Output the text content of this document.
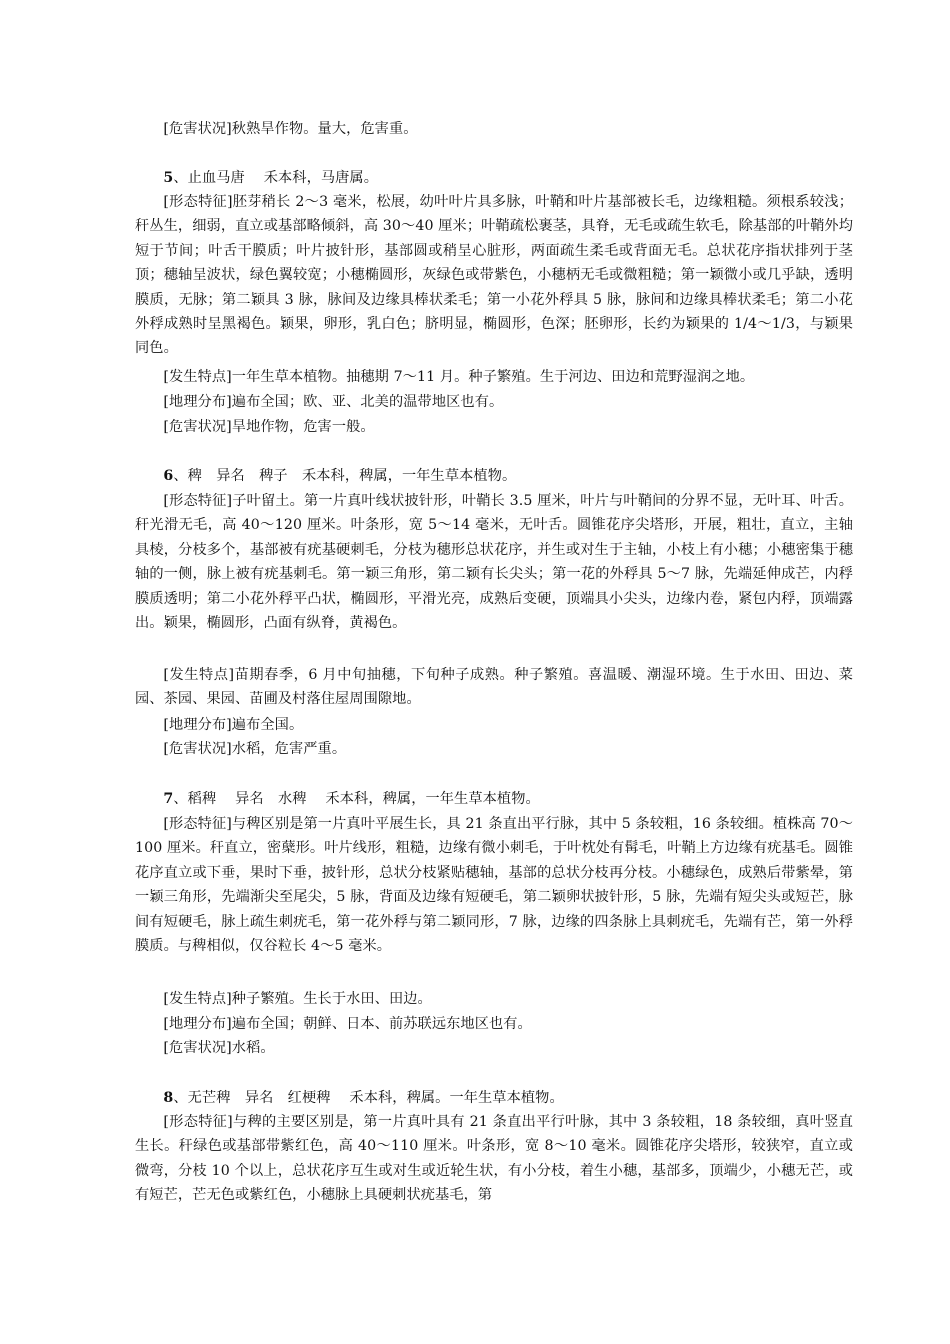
[危害状况]秋熟旱作物。量大，危害重。

5、止血马唐　 禾本科，马唐属。

[形态特征]胚芽稍长 2～3 毫米，松展，幼叶叶片具多脉，叶鞘和叶片基部被长毛，边缘粗糙。须根系较浅；秆丛生，细弱，直立或基部略倾斜，高 30～40 厘米；叶鞘疏松裹茎，具脊，无毛或疏生软毛，除基部的叶鞘外均短于节间；叶舌干膜质；叶片披针形，基部圆或稍呈心脏形，两面疏生柔毛或背面无毛。总状花序指状排列于茎顶；穗轴呈波状，绿色翼较宽；小穗椭圆形，灰绿色或带紫色，小穗柄无毛或微粗糙；第一颖微小或几乎缺，透明膜质，无脉；第二颖具 3 脉，脉间及边缘具棒状柔毛；第一小花外稃具 5 脉，脉间和边缘具棒状柔毛；第二小花外稃成熟时呈黑褐色。颖果，卵形，乳白色；脐明显，椭圆形，色深；胚卵形，长约为颖果的 1/4～1/3，与颖果同色。

[发生特点]一年生草本植物。抽穗期 7～11 月。种子繁殖。生于河边、田边和荒野湿润之地。

[地理分布]遍布全国；欧、亚、北美的温带地区也有。

[危害状况]旱地作物，危害一般。

6、稗　异名　稗子　禾本科，稗属，一年生草本植物。

[形态特征]子叶留土。第一片真叶线状披针形，叶鞘长 3.5 厘米，叶片与叶鞘间的分界不显，无叶耳、叶舌。秆光滑无毛，高 40～120 厘米。叶条形，宽 5～14 毫米，无叶舌。圆锥花序尖塔形，开展，粗壮，直立，主轴具棱，分枝多个，基部被有疣基硬刺毛，分枝为穗形总状花序，并生或对生于主轴，小枝上有小穗；小穗密集于穗轴的一侧，脉上被有疣基刺毛。第一颖三角形，第二颖有长尖头；第一花的外稃具 5～7 脉，先端延伸成芒，内稃膜质透明；第二小花外稃平凸状，椭圆形，平滑光亮，成熟后变硬，顶端具小尖头，边缘内卷，紧包内稃，顶端露出。颖果，椭圆形，凸面有纵脊，黄褐色。

[发生特点]苗期春季，6 月中旬抽穗，下旬种子成熟。种子繁殖。喜温暖、潮湿环境。生于水田、田边、菜园、茶园、果园、苗圃及村落住屋周围隙地。

[地理分布]遍布全国。

[危害状况]水稻，危害严重。

7、稻稗　 异名　水稗　 禾本科，稗属，一年生草本植物。

[形态特征]与稗区别是第一片真叶平展生长，具 21 条直出平行脉，其中 5 条较粗，16 条较细。植株高 70～100 厘米。秆直立，密蘖形。叶片线形，粗糙，边缘有微小刺毛，于叶枕处有髯毛，叶鞘上方边缘有疣基毛。圆锥花序直立或下垂，果时下垂，披针形，总状分枝紧贴穗轴，基部的总状分枝再分枝。小穗绿色，成熟后带紫晕，第一颖三角形，先端渐尖至尾尖，5 脉，背面及边缘有短硬毛，第二颖卵状披针形，5 脉，先端有短尖头或短芒，脉间有短硬毛，脉上疏生刺疣毛，第一花外稃与第二颖同形，7 脉，边缘的四条脉上具刺疣毛，先端有芒，第一外稃膜质。与稗相似，仅谷粒长 4～5 毫米。

[发生特点]种子繁殖。生长于水田、田边。

[地理分布]遍布全国；朝鲜、日本、前苏联远东地区也有。

[危害状况]水稻。

8、无芒稗　异名　红梗稗　 禾本科，稗属。一年生草本植物。

[形态特征]与稗的主要区别是，第一片真叶具有 21 条直出平行叶脉，其中 3 条较粗，18 条较细，真叶竖直生长。秆绿色或基部带紫红色，高 40～110 厘米。叶条形，宽 8～10 毫米。圆锥花序尖塔形，较狭窄，直立或微弯，分枝 10 个以上，总状花序互生或对生或近轮生状，有小分枝，着生小穗，基部多，顶端少，小穗无芒，或有短芒，芒无色或紫红色，小穗脉上具硬刺状疣基毛，第
